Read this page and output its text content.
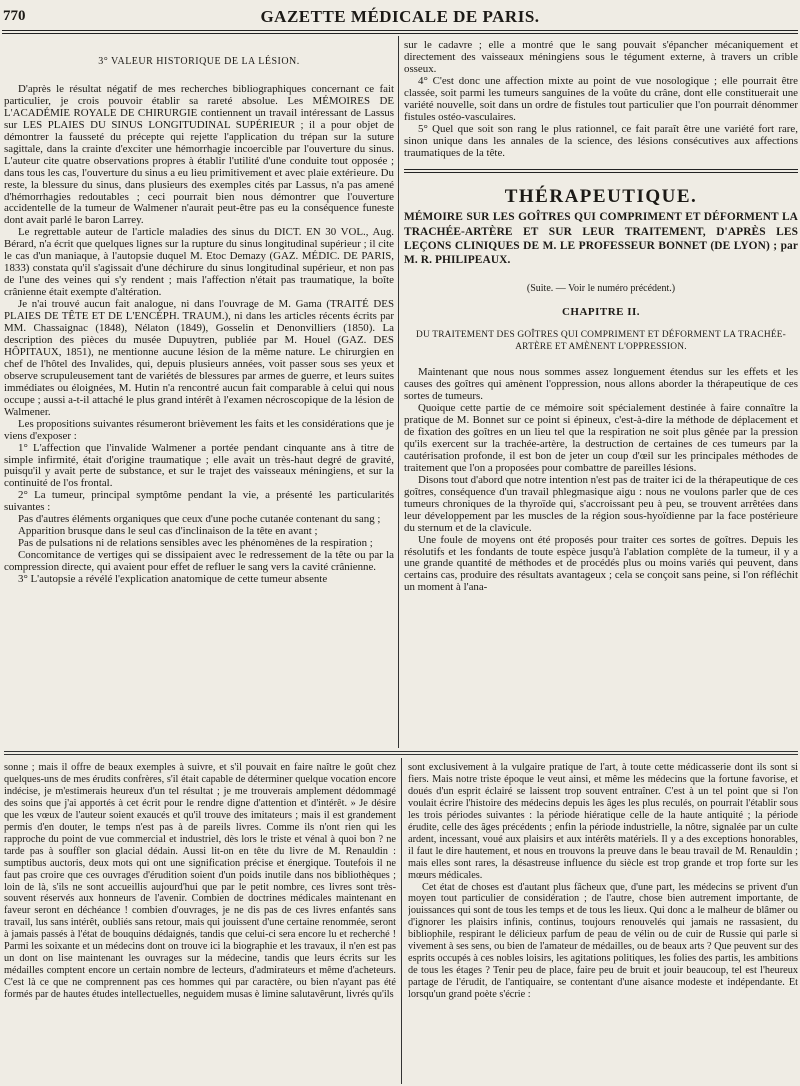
770	GAZETTE MÉDICALE DE PARIS.
3° VALEUR HISTORIQUE DE LA LÉSION.

D'après le résultat négatif de mes recherches bibliographiques concernant ce fait particulier, je crois pouvoir établir sa rareté absolue. Les MÉMOIRES DE L'ACADÉMIE ROYALE DE CHIRURGIE contiennent un travail intéressant de Lassus sur LES PLAIES DU SINUS LONGITUDINAL SUPÉRIEUR ; il a pour objet de démontrer la fausseté du précepte qui rejette l'application du trépan sur la suture sagittale, dans la crainte d'exciter une hémorrhagie incoercible par l'ouverture du sinus. L'auteur cite quatre observations propres à établir l'utilité d'une conduite tout opposée ; dans tous les cas, l'ouverture du sinus a eu lieu primitivement et avec plaie extérieure. Du reste, la blessure du sinus, dans plusieurs des exemples cités par Lassus, n'a pas amené d'hémorrhagies redoutables ; ceci pourrait bien nous démontrer que l'ouverture accidentelle de la tumeur de Walmener n'aurait peut-être pas eu la conséquence funeste dont avait parlé le baron Larrey.

Le regrettable auteur de l'article maladies des sinus du DICT. EN 30 VOL., Aug. Bérard, n'a écrit que quelques lignes sur la rupture du sinus longitudinal supérieur ; il cite le cas d'un maniaque, à l'autopsie duquel M. Etoc Demazy (GAZ. MÉDIC. DE PARIS, 1833) constata qu'il s'agissait d'une déchirure du sinus longitudinal supérieur, et non pas de l'une des veines qui s'y rendent ; mais l'affection n'était pas traumatique, la boîte crânienne était exempte d'altération.

Je n'ai trouvé aucun fait analogue, ni dans l'ouvrage de M. Gama (TRAITÉ DES PLAIES DE TÊTE ET DE L'ENCÉPH. TRAUM.), ni dans les articles récents écrits par MM. Chassaignac (1848), Nélaton (1849), Gosselin et Denonvilliers (1850). La description des pièces du musée Dupuytren, publiée par M. Houel (GAZ. DES HÔPITAUX, 1851), ne mentionne aucune lésion de la même nature. Le chirurgien en chef de l'hôtel des Invalides, qui, depuis plusieurs années, voit passer sous ses yeux et observe scrupuleusement tant de variétés de blessures par armes de guerre, et leurs suites immédiates ou éloignées, M. Hutin n'a rencontré aucun fait comparable à celui qui nous occupe ; aussi a-t-il attaché le plus grand intérêt à l'examen nécroscopique de la lésion de Walmener.

Les propositions suivantes résumeront brièvement les faits et les considérations que je viens d'exposer :

1° L'affection que l'invalide Walmener a portée pendant cinquante ans à titre de simple infirmité, était d'origine traumatique ; elle avait un très-haut degré de gravité, puisqu'il y avait perte de substance, et sur le trajet des vaisseaux méningiens, et sur la continuité de l'os frontal.

2° La tumeur, principal symptôme pendant la vie, a présenté les particularités suivantes :

Pas d'autres éléments organiques que ceux d'une poche cutanée contenant du sang ;

Apparition brusque dans le seul cas d'inclinaison de la tête en avant ;

Pas de pulsations ni de relations sensibles avec les phénomènes de la respiration ;

Concomitance de vertiges qui se dissipaient avec le redressement de la tête ou par la compression directe, qui avaient pour effet de refluer le sang vers la cavité crânienne.

3° L'autopsie a révélé l'explication anatomique de cette tumeur absente

sur le cadavre ; elle a montré que le sang pouvait s'épancher mécaniquement et directement des vaisseaux méningiens sous le tégument externe, à travers un crible osseux.

4° C'est donc une affection mixte au point de vue nosologique ; elle pourrait être classée, soit parmi les tumeurs sanguines de la voûte du crâne, dont elle constituerait une variété nouvelle, soit dans un ordre de fistules tout particulier que l'on pourrait dénommer fistules ostéo-vasculaires.

5° Quel que soit son rang le plus rationnel, ce fait paraît être une variété fort rare, sinon unique dans les annales de la science, des lésions consécutives aux affections traumatiques de la tête.

THÉRAPEUTIQUE.

MÉMOIRE SUR LES GOÎTRES QUI COMPRIMENT ET DÉFORMENT LA TRACHÉE-ARTÈRE ET SUR LEUR TRAITEMENT, D'APRÈS LES LEÇONS CLINIQUES DE M. LE PROFESSEUR BONNET (DE LYON) ; par M. R. PHILIPEAUX.

(Suite. — Voir le numéro précédent.)
CHAPITRE II.
DU TRAITEMENT DES GOÎTRES QUI COMPRIMENT ET DÉFORMENT LA TRACHÉE-ARTÈRE ET AMÈNENT L'OPPRESSION.

Maintenant que nous nous sommes assez longuement étendus sur les effets et les causes des goîtres qui amènent l'oppression, nous allons aborder la thérapeutique de ces sortes de tumeurs.

Quoique cette partie de ce mémoire soit spécialement destinée à faire connaître la pratique de M. Bonnet sur ce point si épineux, c'est-à-dire la méthode de déplacement et de fixation des goîtres en un lieu tel que la respiration ne soit plus gênée par la pression qu'ils exercent sur la trachée-artère, la destruction de certaines de ces tumeurs par la cautérisation profonde, il est bon de jeter un coup d'œil sur les principales méthodes de traitement que l'on a proposées pour combattre de pareilles lésions.

Disons tout d'abord que notre intention n'est pas de traiter ici de la thérapeutique de ces goîtres, conséquence d'un travail phlegmasique aigu : nous ne voulons parler que de ces tumeurs chroniques de la thyroïde qui, s'accroissant peu à peu, se trouvent arrêtées dans leur développement par les muscles de la région sous-hyoïdienne par la face postérieure du sternum et de la clavicule.

Une foule de moyens ont été proposés pour traiter ces sortes de goîtres. Depuis les résolutifs et les fondants de toute espèce jusqu'à l'ablation complète de la tumeur, il y a une grande quantité de méthodes et de procédés plus ou moins variés qui peuvent, dans certains cas, produire des résultats avantageux ; cela se conçoit sans peine, si l'on réfléchit un moment à l'ana-

sonne ; mais il offre de beaux exemples à suivre, et s'il pouvait en faire naître le goût chez quelques-uns de mes érudits confrères, s'il était capable de déterminer quelque vocation encore indécise, je m'estimerais heureux d'un tel résultat ; je me trouverais amplement dédommagé des soins que j'ai apportés à cet écrit pour le rendre digne d'attention et d'intérêt. » Je désire que les vœux de l'auteur soient exaucés et qu'il trouve des imitateurs ; mais il est grandement permis d'en douter, le temps n'est pas à de pareils livres. Comme ils n'ont rien qui les rapproche du point de vue commercial et industriel, dès lors le triste et vénal à quoi bon ? ne tarde pas à souffler son glacial dédain. Aussi lit-on en tête du livre de M. Renauldin : sumptibus auctoris, deux mots qui ont une signification précise et énergique. Toutefois il ne faut pas croire que ces ouvrages d'érudition soient d'un poids inutile dans nos bibliothèques ; loin de là, s'ils ne sont accueillis aujourd'hui que par le petit nombre, ces livres sont très-souvent réservés aux honneurs de l'avenir. Combien de doctrines médicales maintenant en faveur seront en déchéance ! combien d'ouvrages, je ne dis pas de ces livres enfantés sans travail, lus sans intérêt, oubliés sans retour, mais qui jouissent d'une certaine renommée, seront à jamais passés à l'état de bouquins dédaignés, tandis que celui-ci sera encore lu et recherché ! Parmi les soixante et un médecins dont on trouve ici la biographie et les travaux, il n'en est pas un dont on lise maintenant les ouvrages sur la médecine, tandis que leurs écrits sur les médailles comptent encore un certain nombre de lecteurs, d'admirateurs et même d'acheteurs. C'est là ce que ne comprennent pas ces hommes qui par caractère, ou bien n'ayant pas été formés par de hautes études intellectuelles, neguidem musas è limine salutavêrunt, livrés qu'ils

sont exclusivement à la vulgaire pratique de l'art, à toute cette médicasserie dont ils sont si fiers. Mais notre triste époque le veut ainsi, et même les médecins que la fortune favorise, et doués d'un esprit éclairé se laissent trop souvent entraîner. C'est à un tel point que si l'on voulait écrire l'histoire des médecins depuis les âges les plus reculés, on pourrait l'établir sous les trois périodes suivantes : la période hiératique celle de la haute antiquité ; la période érudite, celle des âges précédents ; enfin la période industrielle, la nôtre, signalée par un culte ardent, incessant, voué aux plaisirs et aux intérêts matériels. Il y a des exceptions honorables, il faut le dire hautement, et nous en trouvons la preuve dans le beau travail de M. Renauldin ; mais elles sont rares, la désastreuse influence du siècle est trop grande et trop forte sur les mœurs médicales.

Cet état de choses est d'autant plus fâcheux que, d'une part, les médecins se privent d'un moyen tout particulier de considération ; de l'autre, chose bien autrement importante, de jouissances qui sont de tous les temps et de tous les lieux. Qui donc a le malheur de blâmer ou d'ignorer les plaisirs infinis, continus, toujours renouvelés qui jamais ne rassasient, du bibliophile, respirant le délicieux parfum de peau de vélin ou de cuir de Russie qui parle si vivement à ses sens, ou bien de l'amateur de médailles, ou de beaux arts ? Que peuvent sur des esprits occupés à ces nobles loisirs, les agitations politiques, les folies des partis, les ambitions de tous les étages ? Tenir peu de place, faire peu de bruit et jouir beaucoup, tel est l'heureux partage de l'érudit, de l'antiquaire, se contentant d'une aisance modeste et indépendante. Et lorsqu'un grand poète s'écrie :
